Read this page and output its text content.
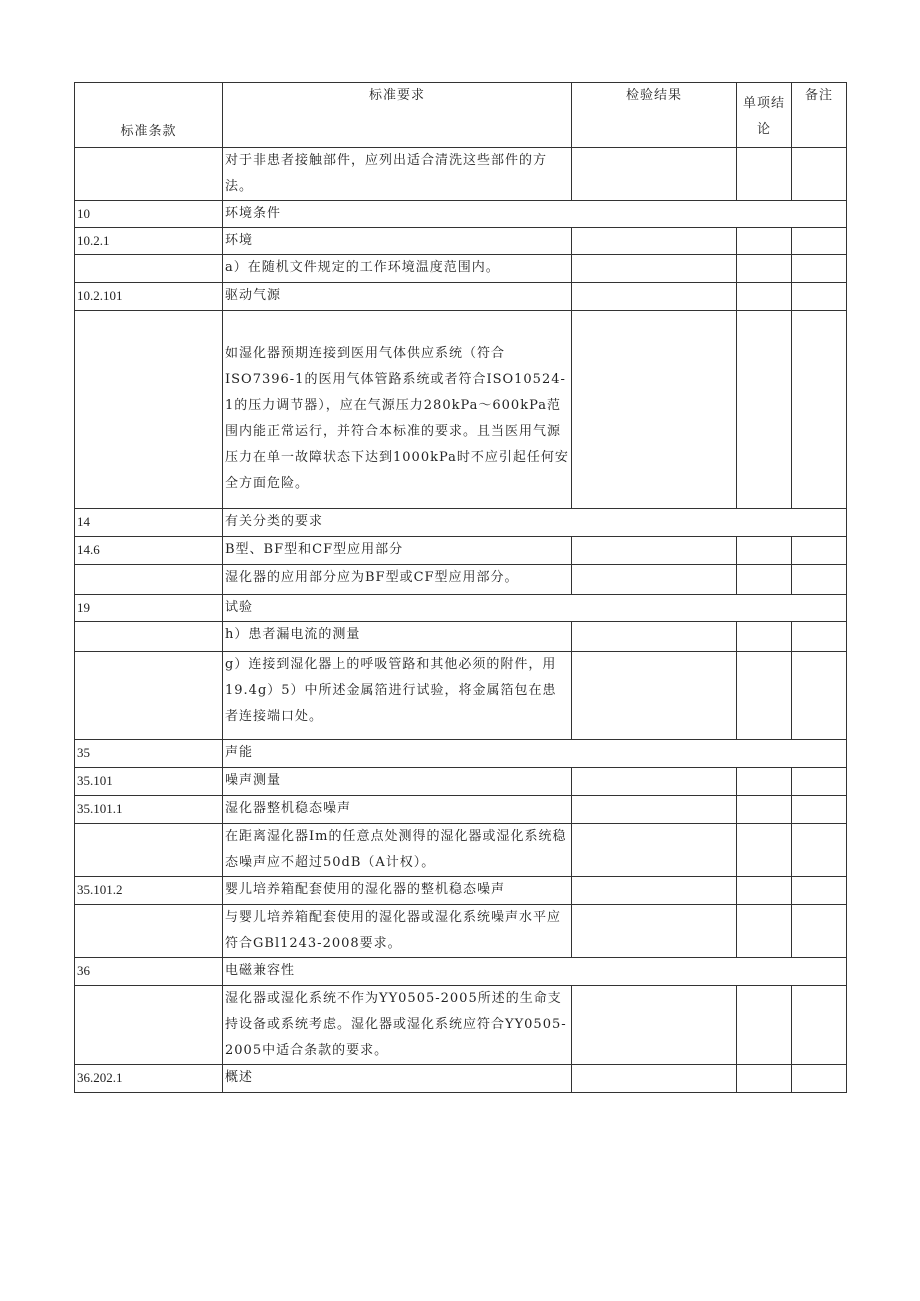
标准条款	标准要求	检验结果	单项结论	备注
	对于非患者接触部件，应列出适合清洗这些部件的方法。			
10	环境条件			
10.2.1	环境			
	a）在随机文件规定的工作环境温度范围内。			
10.2.101	驱动气源			
	如湿化器预期连接到医用气体供应系统（符合ISO7396-1的医用气体管路系统或者符合ISO10524-1的压力调节器），应在气源压力280kPa～600kPa范围内能正常运行，并符合本标准的要求。且当医用气源压力在单一故障状态下达到1000kPa时不应引起任何安全方面危险。			
14	有关分类的要求			
14.6	B型、BF型和CF型应用部分			
	湿化器的应用部分应为BF型或CF型应用部分。			
19	试验			
	h）患者漏电流的测量			
	g）连接到湿化器上的呼吸管路和其他必须的附件，用19.4g）5）中所述金属箔进行试验，将金属箔包在患者连接端口处。			
35	声能			
35.101	噪声测量			
35.101.1	湿化器整机稳态噪声			
	在距离湿化器Im的任意点处测得的湿化器或湿化系统稳态噪声应不超过50dB（A计权）。			
35.101.2	婴儿培养箱配套使用的湿化器的整机稳态噪声			
	与婴儿培养箱配套使用的湿化器或湿化系统噪声水平应符合GBl1243-2008要求。			
36	电磁兼容性			
	湿化器或湿化系统不作为YY0505-2005所述的生命支持设备或系统考虑。湿化器或湿化系统应符合YY0505-2005中适合条款的要求。			
36.202.1	概述			
